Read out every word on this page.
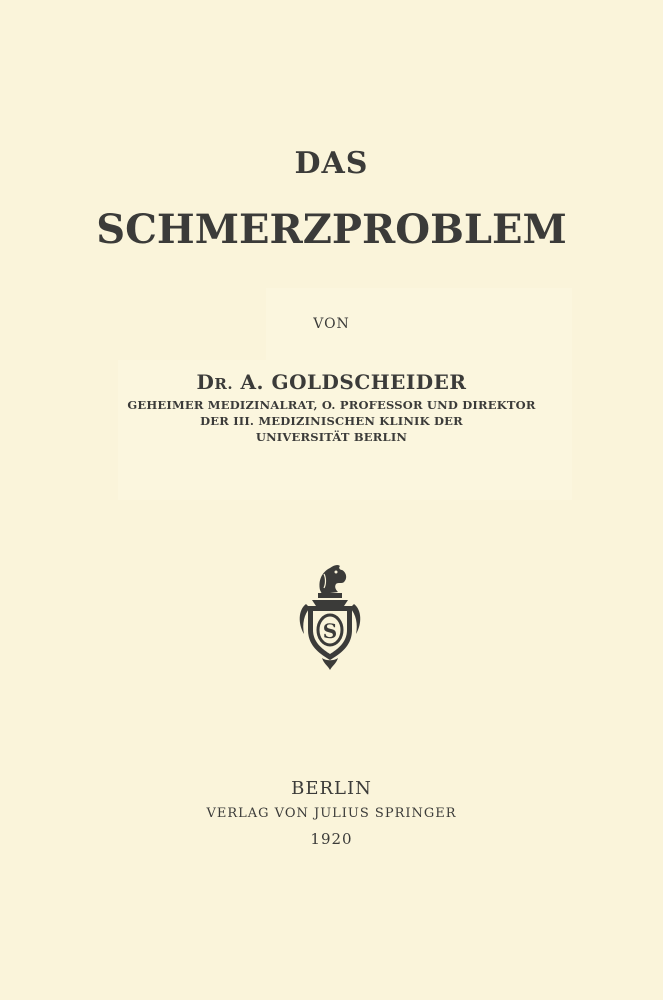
DAS
SCHMERZPROBLEM
VON
DR. A. GOLDSCHEIDER
GEHEIMER MEDIZINALRAT, O. PROFESSOR UND DIREKTOR
DER III. MEDIZINISCHEN KLINIK DER
UNIVERSITÄT BERLIN
S
BERLIN
VERLAG VON JULIUS SPRINGER
1920
